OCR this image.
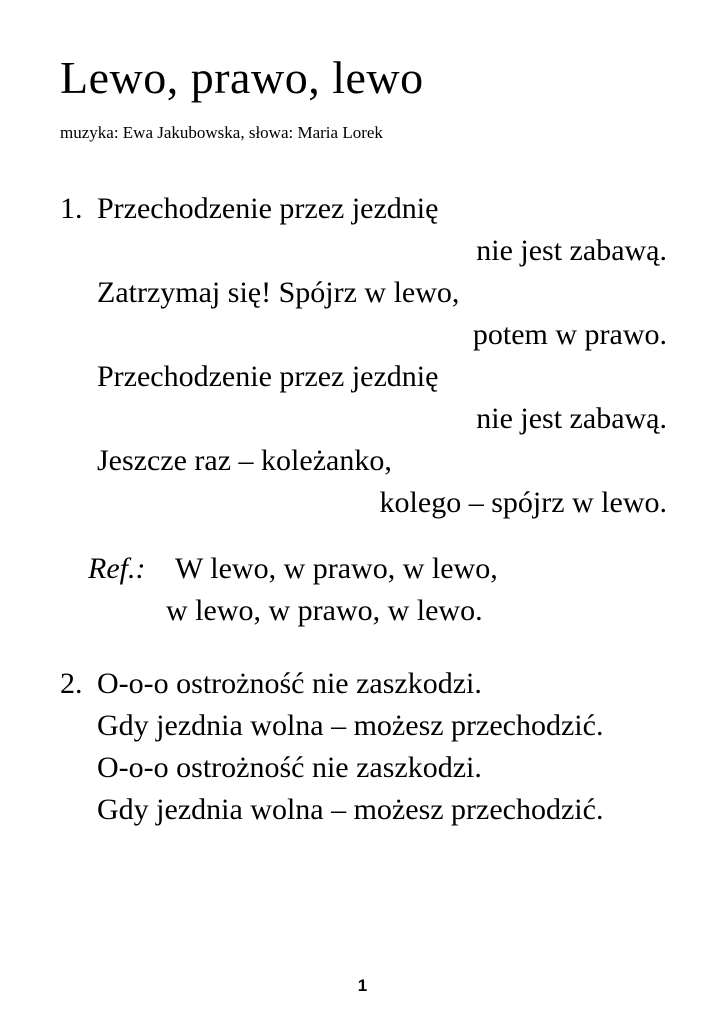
Lewo, prawo, lewo

muzyka: Ewa Jakubowska, słowa: Maria Lorek

1. Przechodzenie przez jezdnię
nie jest zabawą.
Zatrzymaj się! Spójrz w lewo,
potem w prawo.
Przechodzenie przez jezdnię
nie jest zabawą.
Jeszcze raz – koleżanko,
kolego – spójrz w lewo.
Ref.: W lewo, w prawo, w lewo,
w lewo, w prawo, w lewo.
2. O-o-o ostrożność nie zaszkodzi.
Gdy jezdnia wolna – możesz przechodzić.
O-o-o ostrożność nie zaszkodzi.
Gdy jezdnia wolna – możesz przechodzić.
1
